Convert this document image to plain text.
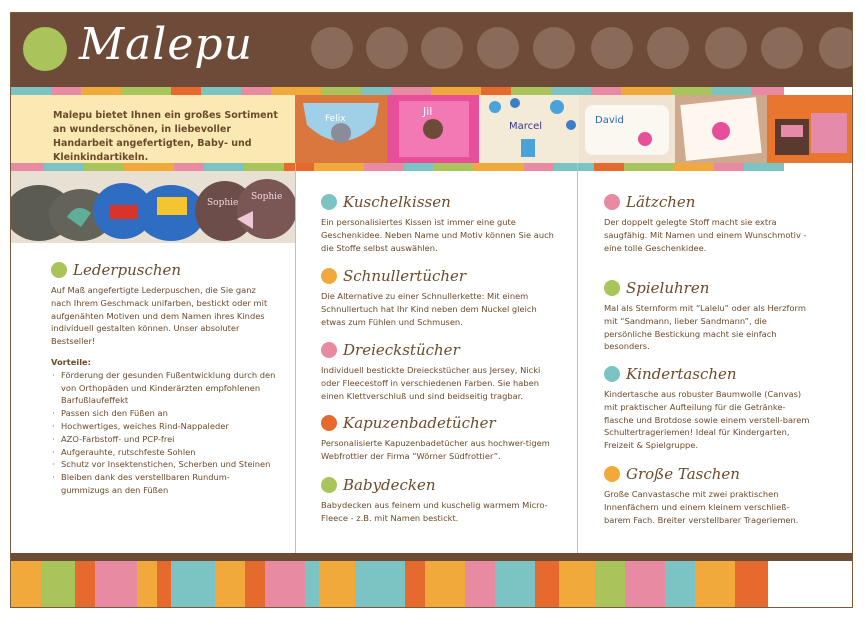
Malepu
Malepu bietet Ihnen ein großes Sortiment an wunderschönen, in liebevoller Handarbeit angefertigten, Baby- und Kleinkindartikeln.
Felix
Jil
Marcel
David
Sophie
Sophie
Lederpuschen

Auf Maß angefertigte Lederpuschen, die Sie ganz nach Ihrem Geschmack unifarben, bestickt oder mit aufgenähten Motiven und dem Namen ihres Kindes individuell gestalten können. Unser absoluter Bestseller!

Vorteile:
· Förderung der gesunden Fußentwicklung durch den von Orthopäden und Kinderärzten empfohlenen Barfußlaufeffekt
· Passen sich den Füßen an
· Hochwertiges, weiches Rind-Nappaleder
· AZO-Farbstoff- und PCP-frei
· Aufgerauhte, rutschfeste Sohlen
· Schutz vor Insektenstichen, Scherben und Steinen
· Bleiben dank des verstellbaren Rundum-gummizugs an den Füßen
Kuschelkissen

Ein personalisiertes Kissen ist immer eine gute Geschenkidee. Neben Name und Motiv können Sie auch die Stoffe selbst auswählen.

Schnullertücher

Die Alternative zu einer Schnullerkette: Mit einem Schnullertuch hat Ihr Kind neben dem Nuckel gleich etwas zum Fühlen und Schmusen.

Dreieckstücher

Individuell bestickte Dreieckstücher aus Jersey, Nicki oder Fleecestoff in verschiedenen Farben. Sie haben einen Klettverschluß und sind beidseitig tragbar.

Kapuzenbadetücher

Personalisierte Kapuzenbadetücher aus hochwer-tigem Webfrottier der Firma “Wörner Südfrottier”.

Babydecken

Babydecken aus feinem und kuschelig warmem Micro-Fleece - z.B. mit Namen bestickt.

Lätzchen

Der doppelt gelegte Stoff macht sie extra saugfähig. Mit Namen und einem Wunschmotiv - eine tolle Geschenkidee.

Spieluhren

Mal als Sternform mit “Lalelu” oder als Herzform mit “Sandmann, lieber Sandmann”, die persönliche Bestickung macht sie einfach besonders.

Kindertaschen

Kindertasche aus robuster Baumwolle (Canvas) mit praktischer Aufteilung für die Getränke-flasche und Brotdose sowie einem verstell-barem Schultertrageriemen! Ideal für Kindergarten, Freizeit & Spielgruppe.

Große Taschen

Große Canvastasche mit zwei praktischen Innenfächern und einem kleinem verschließ-barem Fach. Breiter verstellbarer Trageriemen.
